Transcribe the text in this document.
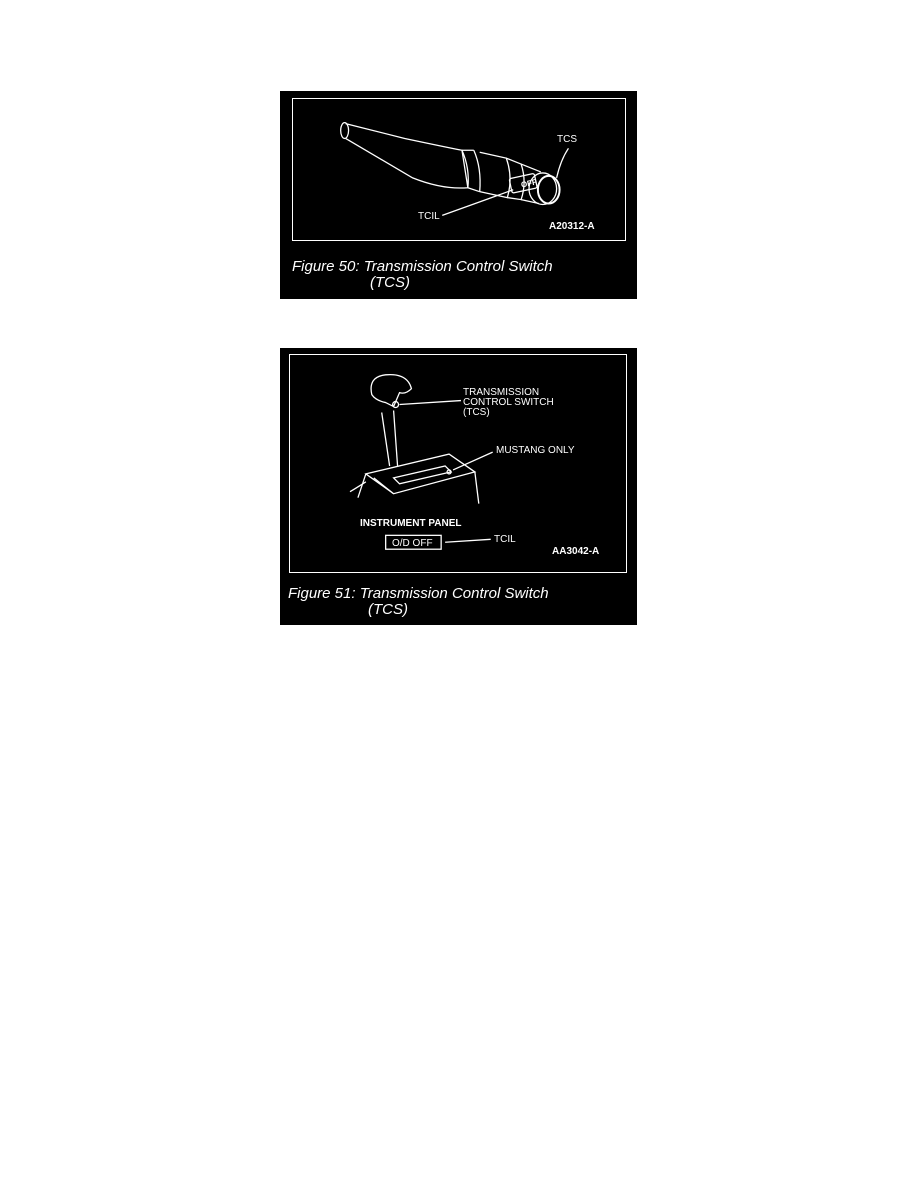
TCS
OFF
TCIL
A20312-A
Figure 50: Transmission Control Switch
(TCS)
TRANSMISSION
CONTROL SWITCH
(TCS)
MUSTANG ONLY
INSTRUMENT PANEL
O/D OFF	TCIL
AA3042-A
Figure 51: Transmission Control Switch
(TCS)
